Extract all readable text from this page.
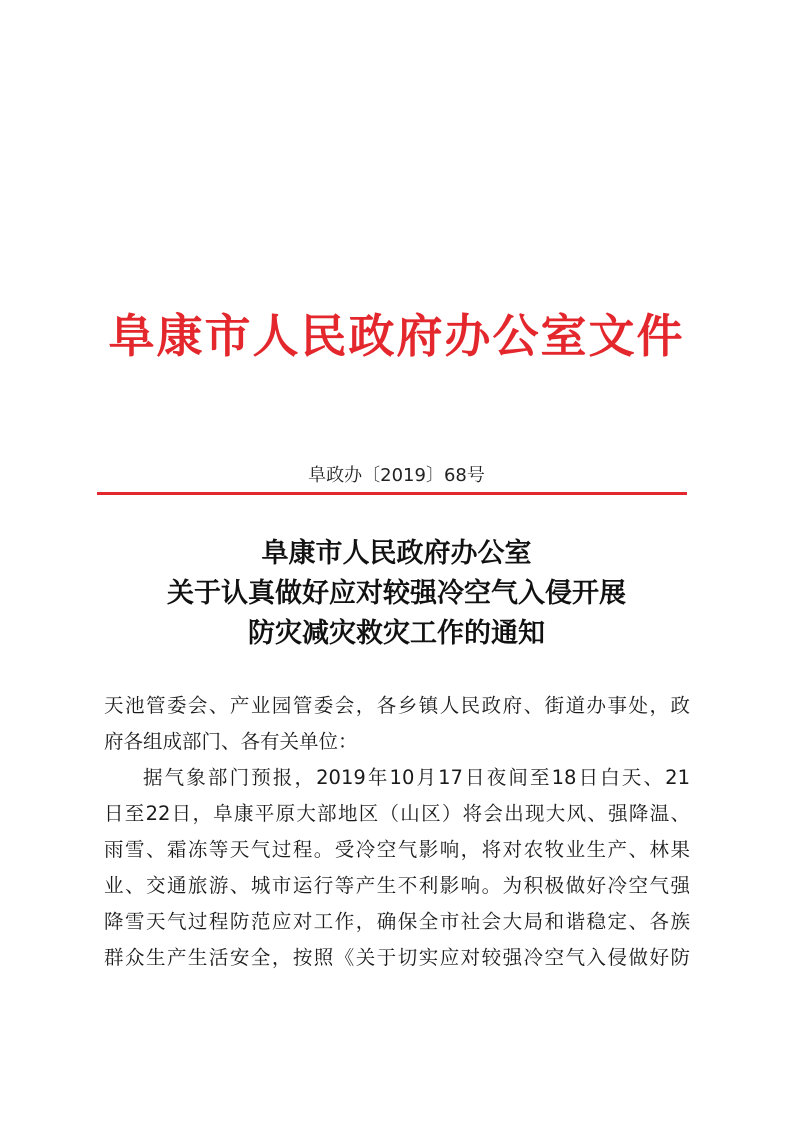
阜康市人民政府办公室文件
阜政办〔2019〕68号
阜康市人民政府办公室
关于认真做好应对较强冷空气入侵开展
防灾减灾救灾工作的通知
天池管委会、产业园管委会，各乡镇人民政府、街道办事处，政
府各组成部门、各有关单位：
据气象部门预报，2019年10月17日夜间至18日白天、21
日至22日，阜康平原大部地区（山区）将会出现大风、强降温、
雨雪、霜冻等天气过程。受冷空气影响，将对农牧业生产、林果
业、交通旅游、城市运行等产生不利影响。为积极做好冷空气强
降雪天气过程防范应对工作，确保全市社会大局和谐稳定、各族
群众生产生活安全，按照《关于切实应对较强冷空气入侵做好防
